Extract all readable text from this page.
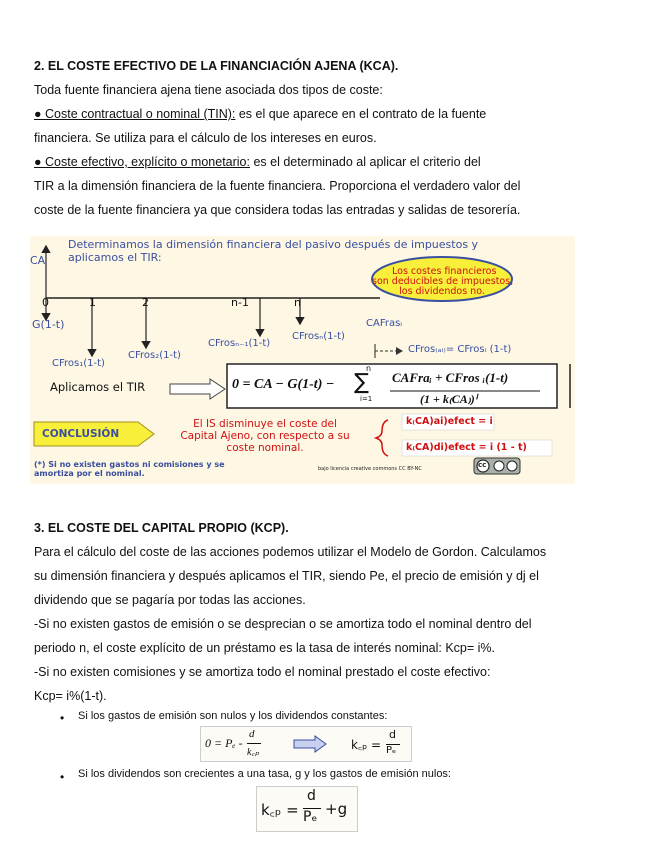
2. EL COSTE EFECTIVO DE LA FINANCIACIÓN AJENA (KCA).
Toda fuente financiera ajena tiene asociada dos tipos de coste:
● Coste contractual o nominal (TIN): es el que aparece en el contrato de la fuente
financiera. Se utiliza para el cálculo de los intereses en euros.
● Coste efectivo, explícito o monetario: es el determinado al aplicar el criterio del
TIR a la dimensión financiera de la fuente financiera. Proporciona el verdadero valor del
coste de la fuente financiera ya que considera todas las entradas y salidas de tesorería.
Determinamos la dimensión financiera del pasivo después de impuestos y
aplicamos el TIR:
CA
Los costes financieros
son deducibles de impuestos,
los dividendos no.
0	1	2	n-1	n
G(1-t)
CFros₁(1-t)
CFros₂(1-t)
CFrosₙ₋₁(1-t)
CFrosₙ(1-t)
CAFrasᵢ
CFros₍ₐᵢ₎= CFrosᵢ (1-t)
Aplicamos el TIR	0 = CA − G(1-t) −
n
∑
i=1
CAFraᵢ + CFros ᵢ(1-t)
(1 + k₍CA₎)ⁱ
CONCLUSIÓN
El IS disminuye el coste del
Capital Ajeno, con respecto a su
coste nominal.
k₍CA)ai)efect = i
k₍CA)di)efect = i (1 - t)
(*) Si no existen gastos ni comisiones y se
amortiza por el nominal.	bajo licencia creative commons CC BY-NC	cc
3. EL COSTE DEL CAPITAL PROPIO (KCP).
Para el cálculo del coste de las acciones podemos utilizar el Modelo de Gordon. Calculamos
su dimensión financiera y después aplicamos el TIR, siendo Pe, el precio de emisión y dj el
dividendo que se pagaría por todas las acciones.
-Si no existen gastos de emisión o se desprecian o se amortiza todo el nominal dentro del
periodo n, el coste explícito de un préstamo es la tasa de interés nominal: Kcp= i%.
-Si no existen comisiones y se amortiza todo el nominal prestado el coste efectivo:
Kcp= i%(1-t).
• Si los gastos de emisión son nulos y los dividendos constantes:
0 = Pₑ -
d
k꜀ₚ
k꜀ₚ =
d
Pₑ
• Si los dividendos son crecientes a una tasa, g y los gastos de emisión nulos:
k꜀ₚ =
d
Pₑ +g
